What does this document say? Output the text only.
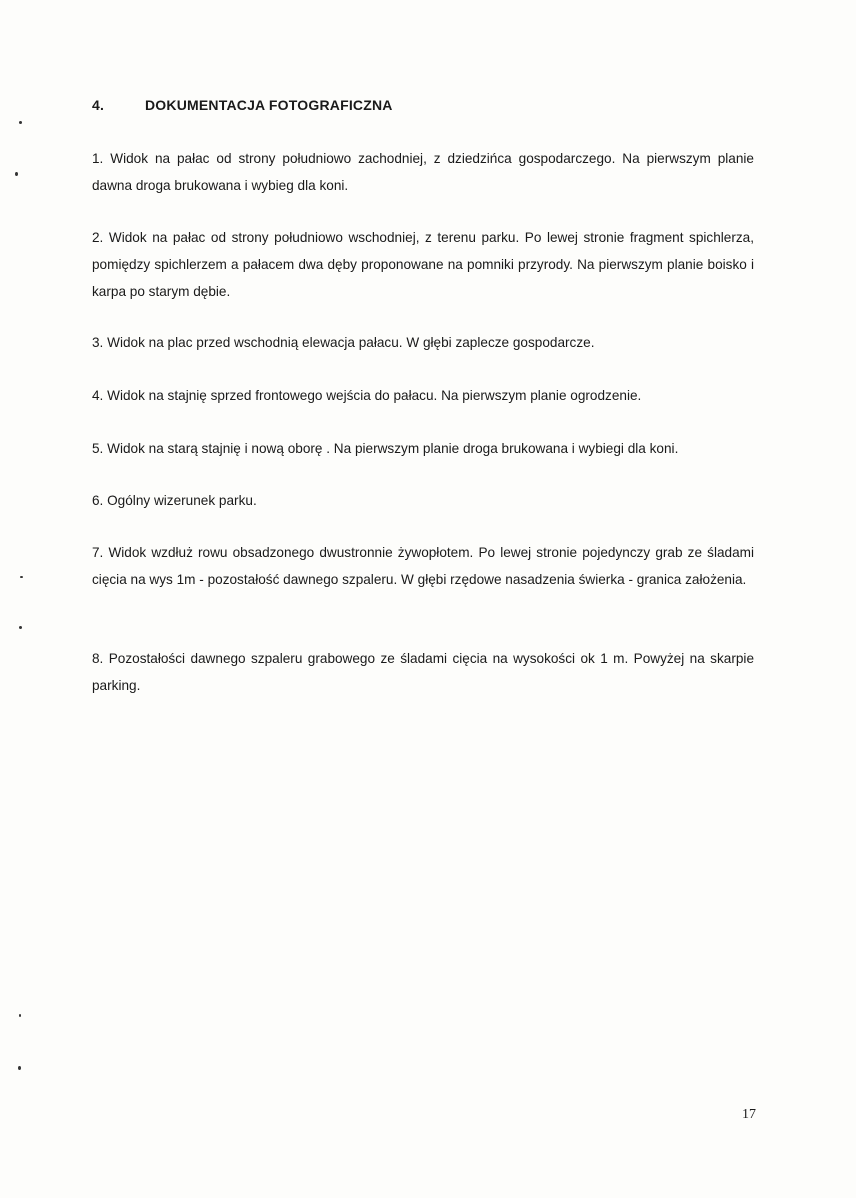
4.	DOKUMENTACJA FOTOGRAFICZNA
1. Widok na pałac od strony południowo zachodniej, z dziedzińca gospodarczego. Na pierwszym planie dawna droga brukowana i wybieg dla koni.
2. Widok na pałac od strony południowo wschodniej, z terenu parku. Po lewej stronie fragment spichlerza, pomiędzy spichlerzem a pałacem dwa dęby proponowane na pomniki przyrody. Na pierwszym planie boisko i karpa po starym dębie.
3. Widok na plac przed wschodnią elewacja pałacu. W głębi zaplecze gospodarcze.
4. Widok na stajnię sprzed frontowego wejścia do pałacu. Na pierwszym planie ogrodzenie.
5. Widok na starą stajnię i nową oborę . Na pierwszym planie droga brukowana i wybiegi dla koni.
6. Ogólny wizerunek parku.
7. Widok wzdłuż rowu obsadzonego dwustronnie żywopłotem. Po lewej stronie pojedynczy grab ze śladami cięcia na wys 1m - pozostałość dawnego szpaleru. W głębi rzędowe nasadzenia świerka - granica założenia.
8. Pozostałości dawnego szpaleru grabowego ze śladami cięcia na wysokości ok 1 m. Powyżej na skarpie parking.
17
